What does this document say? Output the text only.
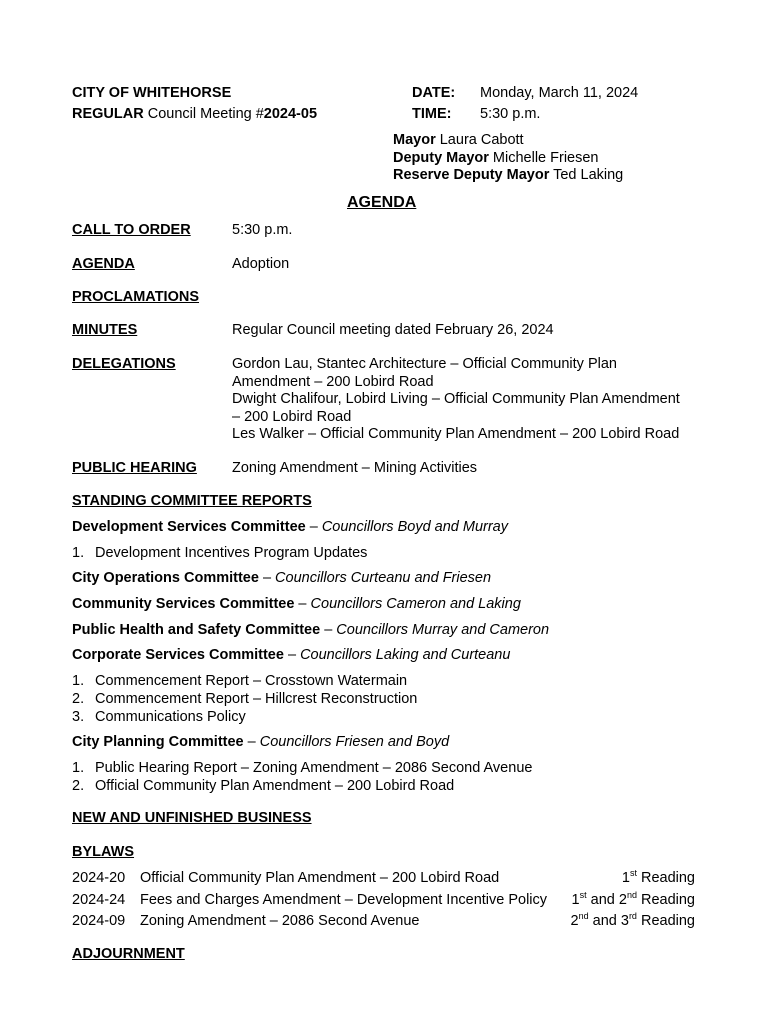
CITY OF WHITEHORSE
REGULAR Council Meeting #2024-05
DATE: Monday, March 11, 2024
TIME: 5:30 p.m.
Mayor Laura Cabott
Deputy Mayor Michelle Friesen
Reserve Deputy Mayor Ted Laking
AGENDA
CALL TO ORDER	5:30 p.m.
AGENDA	Adoption
PROCLAMATIONS
MINUTES	Regular Council meeting dated February 26, 2024
DELEGATIONS	Gordon Lau, Stantec Architecture – Official Community Plan
Amendment – 200 Lobird Road
Dwight Chalifour, Lobird Living – Official Community Plan Amendment
– 200 Lobird Road
Les Walker – Official Community Plan Amendment – 200 Lobird Road
PUBLIC HEARING Zoning Amendment – Mining Activities
STANDING COMMITTEE REPORTS
Development Services Committee – Councillors Boyd and Murray
1. Development Incentives Program Updates
City Operations Committee – Councillors Curteanu and Friesen
Community Services Committee – Councillors Cameron and Laking
Public Health and Safety Committee – Councillors Murray and Cameron
Corporate Services Committee – Councillors Laking and Curteanu
1. Commencement Report – Crosstown Watermain
2. Commencement Report – Hillcrest Reconstruction
3. Communications Policy
City Planning Committee – Councillors Friesen and Boyd
1. Public Hearing Report – Zoning Amendment – 2086 Second Avenue
2. Official Community Plan Amendment – 200 Lobird Road
NEW AND UNFINISHED BUSINESS
BYLAWS
2024-20 Official Community Plan Amendment – 200 Lobird Road	1st Reading
2024-24 Fees and Charges Amendment – Development Incentive Policy 1st and 2nd Reading
2024-09 Zoning Amendment – 2086 Second Avenue	2nd and 3rd Reading
ADJOURNMENT
